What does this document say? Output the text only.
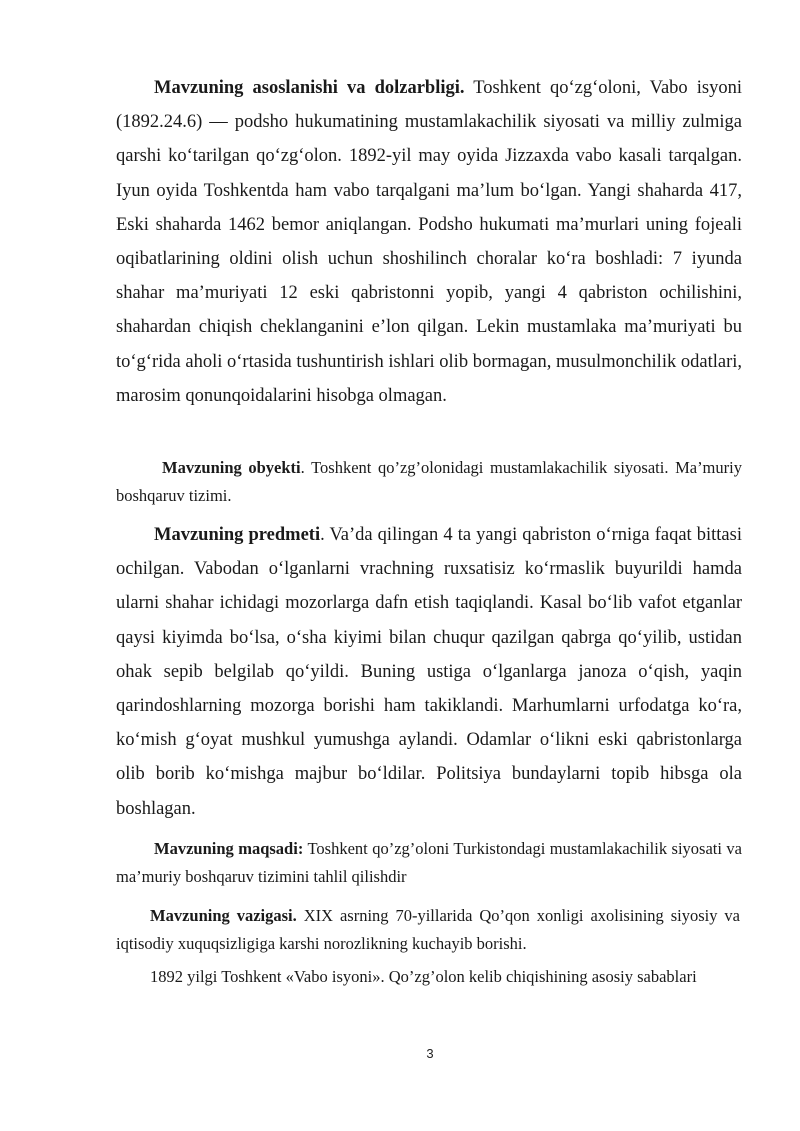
Mavzuning asoslanishi va dolzarbligi. Toshkent qo‘zg‘oloni, Vabo isyoni (1892.24.6) — podsho hukumatining mustamlakachilik siyosati va milliy zulmiga qarshi ko‘tarilgan qo‘zg‘olon. 1892-yil may oyida Jizzaxda vabo kasali tarqalgan. Iyun oyida Toshkentda ham vabo tarqalgani ma’lum bo‘lgan. Yangi shaharda 417, Eski shaharda 1462 bemor aniqlangan. Podsho hukumati ma’murlari uning fojeali oqibatlarining oldini olish uchun shoshilinch choralar ko‘ra boshladi: 7 iyunda shahar ma’muriyati 12 eski qabristonni yopib, yangi 4 qabriston ochilishini, shahardan chiqish cheklanganini e’lon qilgan. Lekin mustamlaka ma’muriyati bu to‘g‘rida aholi o‘rtasida tushuntirish ishlari olib bormagan, musulmonchilik odatlari, marosim qonunqoidalarini hisobga olmagan.

Mavzuning obyekti. Toshkent qo’zg’olonidagi mustamlakachilik siyosati. Ma’muriy boshqaruv tizimi.

Mavzuning predmeti. Va’da qilingan 4 ta yangi qabriston o‘rniga faqat bittasi ochilgan. Vabodan o‘lganlarni vrachning ruxsatisiz ko‘rmaslik buyurildi hamda ularni shahar ichidagi mozorlarga dafn etish taqiqlandi. Kasal bo‘lib vafot etganlar qaysi kiyimda bo‘lsa, o‘sha kiyimi bilan chuqur qazilgan qabrga qo‘yilib, ustidan ohak sepib belgilab qo‘yildi. Buning ustiga o‘lganlarga janoza o‘qish, yaqin qarindoshlarning mozorga borishi ham takiklandi. Marhumlarni urfodatga ko‘ra, ko‘mish g‘oyat mushkul yumushga aylandi. Odamlar o‘likni eski qabristonlarga olib borib ko‘mishga majbur bo‘ldilar. Politsiya bundaylarni topib hibsga ola boshlagan.

Mavzuning maqsadi: Toshkent qo’zg’oloni Turkistondagi mustamlakachilik siyosati va ma’muriy boshqaruv tizimini tahlil qilishdir

Mavzuning vazigasi. XIX asrning 70-yillarida Qo’qon xonligi axolisining siyosiy va iqtisodiy xuquqsizligiga karshi norozlikning kuchayib borishi.

1892 yilgi Toshkent «Vabo isyoni». Qo’zg’olon kelib chiqishining asosiy sabablari

3
